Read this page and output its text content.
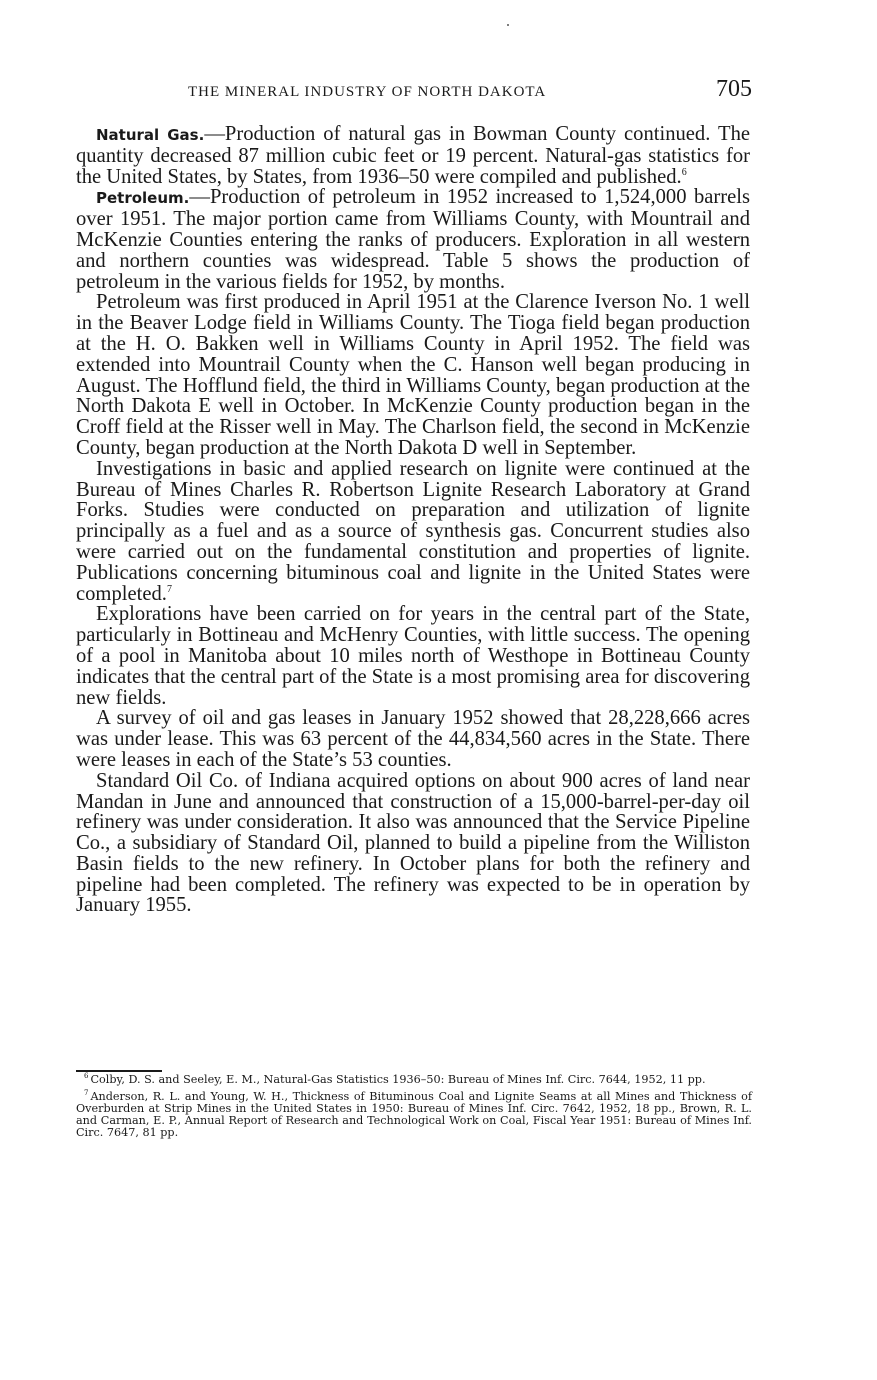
THE MINERAL INDUSTRY OF NORTH DAKOTA	705

Natural Gas.—Production of natural gas in Bowman County continued. The quantity decreased 87 million cubic feet or 19 percent. Natural-gas statistics for the United States, by States, from 1936–50 were compiled and published.$^6$

Petroleum.—Production of petroleum in 1952 increased to 1,524,000 barrels over 1951. The major portion came from Williams County, with Mountrail and McKenzie Counties entering the ranks of producers. Exploration in all western and northern counties was widespread. Table 5 shows the production of petroleum in the various fields for 1952, by months.

Petroleum was first produced in April 1951 at the Clarence Iverson No. 1 well in the Beaver Lodge field in Williams County. The Tioga field began production at the H. O. Bakken well in Williams County in April 1952. The field was extended into Mountrail County when the C. Hanson well began producing in August. The Hofflund field, the third in Williams County, began production at the North Dakota E well in October. In McKenzie County production began in the Croff field at the Risser well in May. The Charlson field, the second in McKenzie County, began production at the North Dakota D well in September.

Investigations in basic and applied research on lignite were continued at the Bureau of Mines Charles R. Robertson Lignite Research Laboratory at Grand Forks. Studies were conducted on preparation and utilization of lignite principally as a fuel and as a source of synthesis gas. Concurrent studies also were carried out on the fundamental constitution and properties of lignite. Publications concerning bituminous coal and lignite in the United States were completed.$^7$

Explorations have been carried on for years in the central part of the State, particularly in Bottineau and McHenry Counties, with little success. The opening of a pool in Manitoba about 10 miles north of Westhope in Bottineau County indicates that the central part of the State is a most promising area for discovering new fields.

A survey of oil and gas leases in January 1952 showed that 28,228,666 acres was under lease. This was 63 percent of the 44,834,560 acres in the State. There were leases in each of the State’s 53 counties.

Standard Oil Co. of Indiana acquired options on about 900 acres of land near Mandan in June and announced that construction of a 15,000-barrel-per-day oil refinery was under consideration. It also was announced that the Service Pipeline Co., a subsidiary of Standard Oil, planned to build a pipeline from the Williston Basin fields to the new refinery. In October plans for both the refinery and pipeline had been completed. The refinery was expected to be in operation by January 1955.

$^6$ Colby, D. S. and Seeley, E. M., Natural-Gas Statistics 1936–50: Bureau of Mines Inf. Circ. 7644, 1952, 11 pp.

$^7$ Anderson, R. L. and Young, W. H., Thickness of Bituminous Coal and Lignite Seams at all Mines and Thickness of Overburden at Strip Mines in the United States in 1950: Bureau of Mines Inf. Circ. 7642, 1952, 18 pp., Brown, R. L. and Carman, E. P., Annual Report of Research and Technological Work on Coal, Fiscal Year 1951: Bureau of Mines Inf. Circ. 7647, 81 pp.
